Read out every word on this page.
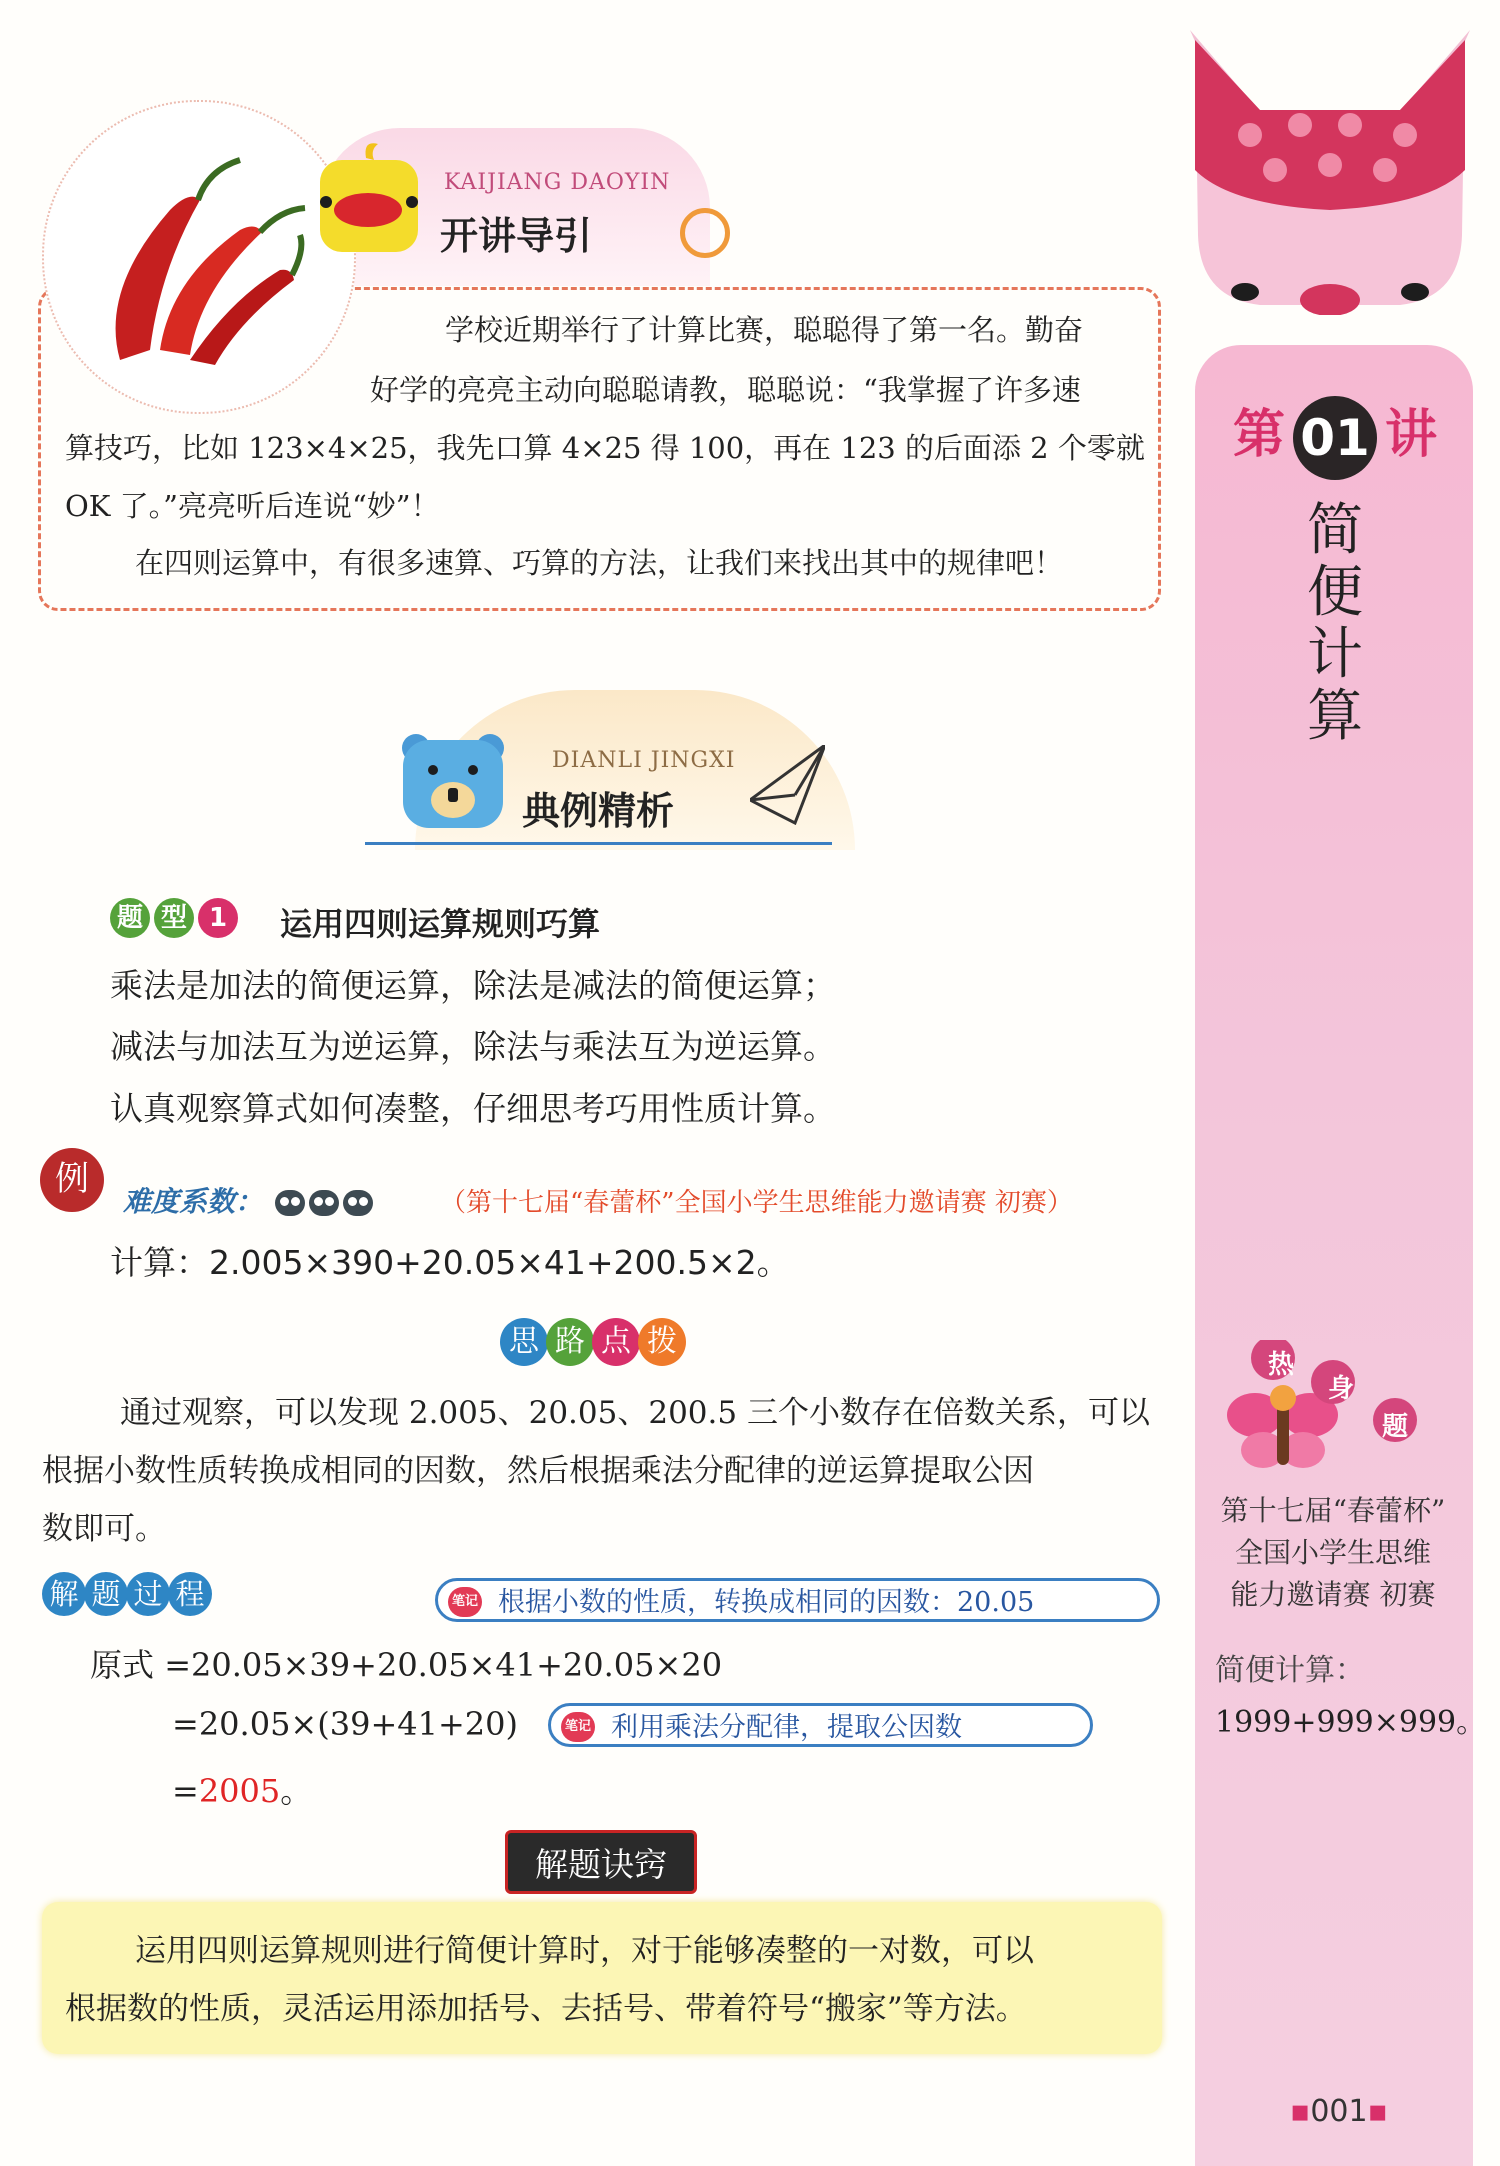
第 01 讲
简
便
计
算
热
身
题
第十七届“春蕾杯”
全国小学生思维
能力邀请赛 初赛
简便计算：
1999+999×999。
▪001▪
KAIJIANG DAOYIN
开讲导引
学校近期举行了计算比赛，聪聪得了第一名。勤奋
好学的亮亮主动向聪聪请教，聪聪说：“我掌握了许多速
算技巧，比如 123×4×25，我先口算 4×25 得 100，再在 123 的后面添 2 个零就
OK 了。”亮亮听后连说“妙”！
在四则运算中，有很多速算、巧算的方法，让我们来找出其中的规律吧！
DIANLI JINGXI
典例精析
题 型 1	运用四则运算规则巧算
乘法是加法的简便运算，除法是减法的简便运算；
减法与加法互为逆运算，除法与乘法互为逆运算。
认真观察算式如何凑整，仔细思考巧用性质计算。
例
难度系数：	（第十七届“春蕾杯”全国小学生思维能力邀请赛 初赛）
计算：2.005×390+20.05×41+200.5×2。
思 路 点 拨
通过观察，可以发现 2.005、20.05、200.5 三个小数存在倍数关系，可以
根据小数性质转换成相同的因数，然后根据乘法分配律的逆运算提取公因
数即可。
解 题 过 程	笔记 根据小数的性质，转换成相同的因数：20.05
原式 =20.05×39+20.05×41+20.05×20
=20.05×(39+41+20)	笔记 利用乘法分配律，提取公因数
=2005。
解题诀窍
运用四则运算规则进行简便计算时，对于能够凑整的一对数，可以
根据数的性质，灵活运用添加括号、去括号、带着符号“搬家”等方法。
